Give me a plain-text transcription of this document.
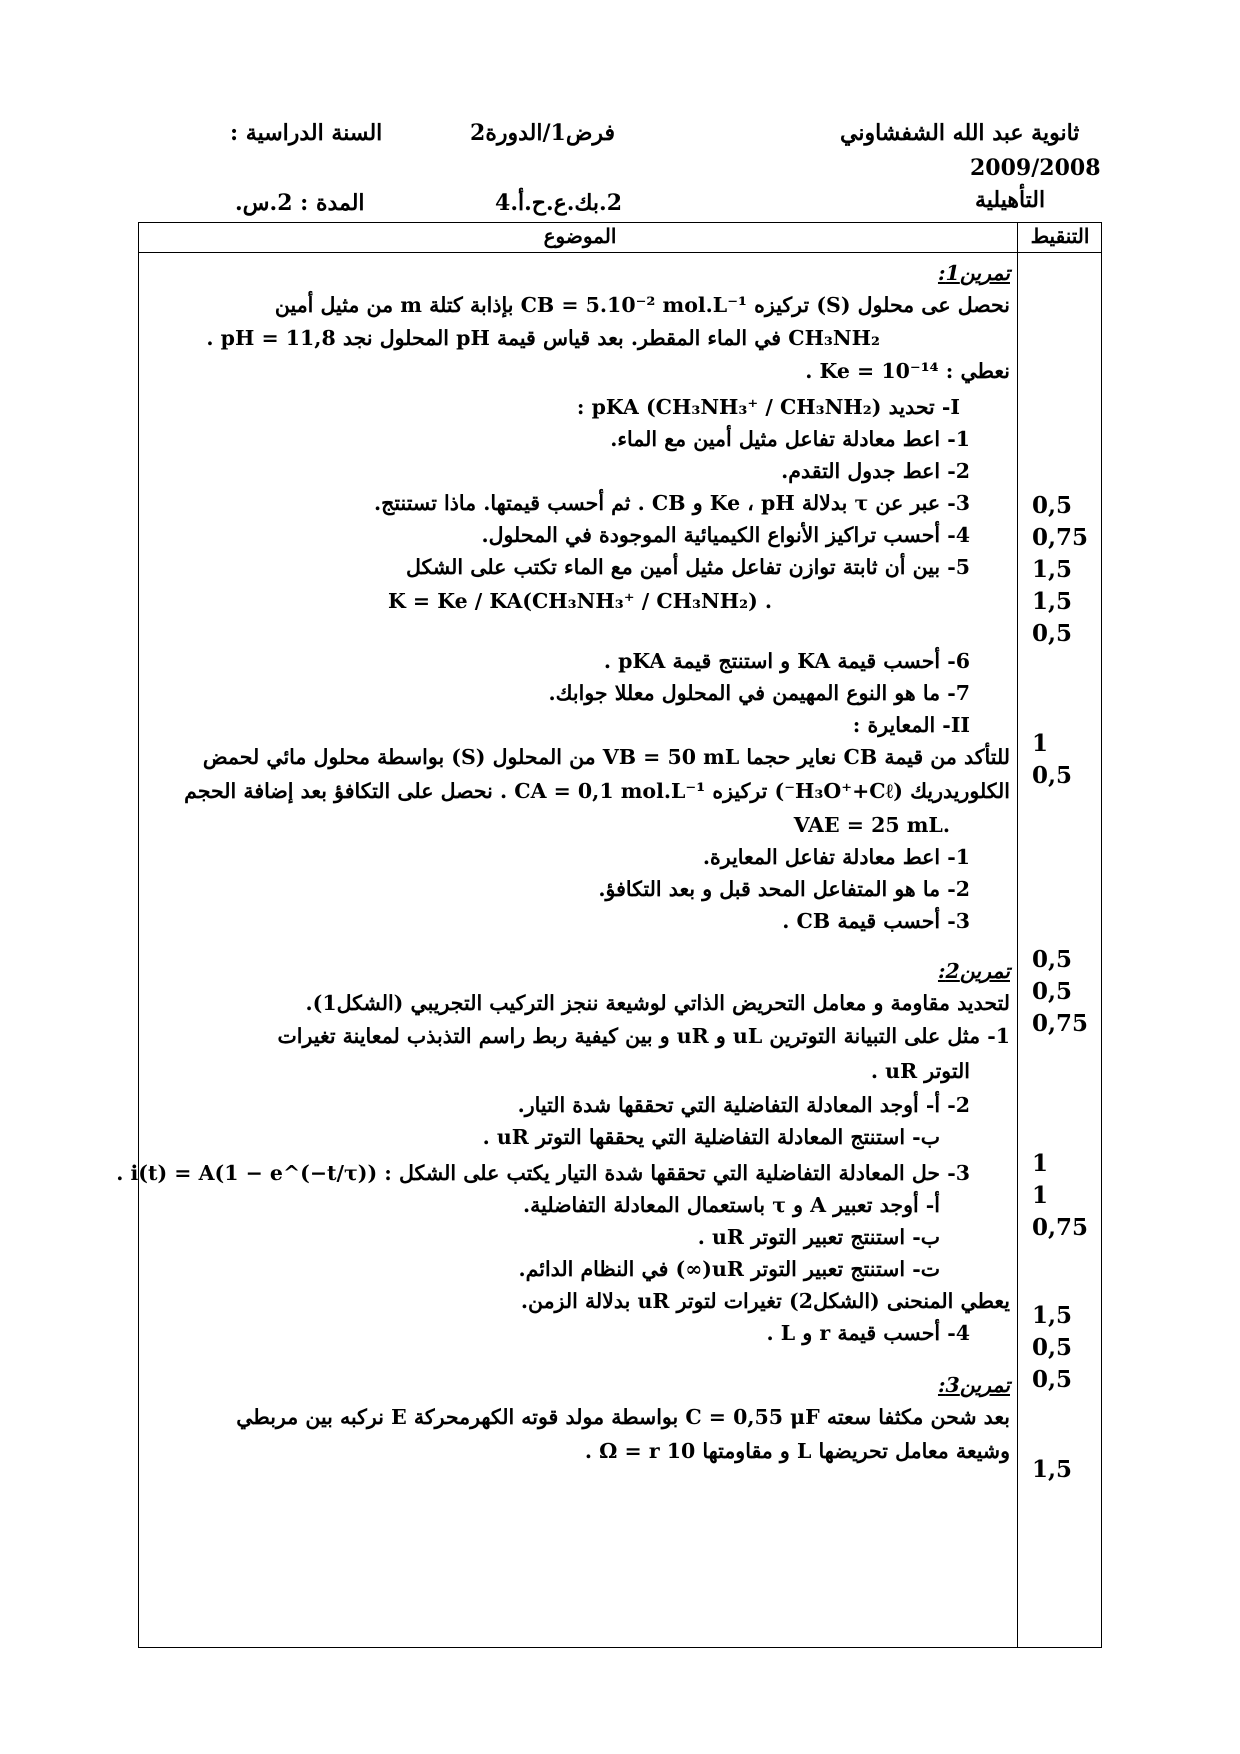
ثانوية عبد الله الشفشاوني
2009/2008
التأهيلية
فرض1/الدورة2
2.بك.ع.ح.أ.4
السنة الدراسية :
المدة : 2.س.
التنقيط
الموضوع
تمرين1:
نحصل عى محلول (S) تركيزه CB = 5.10⁻² mol.L⁻¹ بإذابة كتلة m من مثيل أمين
CH₃NH₂ في الماء المقطر. بعد قياس قيمة pH المحلول نجد pH = 11,8 .
نعطي : Ke = 10⁻¹⁴ .
I- تحديد (CH₃NH₃⁺ / CH₃NH₂) pKA :
1- اعط معادلة تفاعل مثيل أمين مع الماء.
2- اعط جدول التقدم.
3- عبر عن τ بدلالة Ke ، pH و CB . ثم أحسب قيمتها. ماذا تستنتج.
4- أحسب تراكيز الأنواع الكيميائية الموجودة في المحلول.
5- بين أن ثابتة توازن تفاعل مثيل أمين مع الماء تكتب على الشكل
. K = Ke / KA(CH₃NH₃⁺ / CH₃NH₂)
6- أحسب قيمة KA و استنتج قيمة pKA .
7- ما هو النوع المهيمن في المحلول معللا جوابك.
II- المعايرة :
للتأكد من قيمة CB نعاير حجما VB = 50 mL من المحلول (S) بواسطة محلول مائي لحمض
الكلوريدريك (H₃O⁺+Cℓ⁻) تركيزه CA = 0,1 mol.L⁻¹ . نحصل على التكافؤ بعد إضافة الحجم
.VAE = 25 mL
1- اعط معادلة تفاعل المعايرة.
2- ما هو المتفاعل المحد قبل و بعد التكافؤ.
3- أحسب قيمة CB .
تمرين2:
لتحديد مقاومة و معامل التحريض الذاتي لوشيعة ننجز التركيب التجريبي (الشكل1).
1- مثل على التبيانة التوترين uL و uR و بين كيفية ربط راسم التذبذب لمعاينة تغيرات
التوتر uR .
2- أ- أوجد المعادلة التفاضلية التي تحققها شدة التيار.
ب- استنتج المعادلة التفاضلية التي يحققها التوتر uR .
3- حل المعادلة التفاضلية التي تحققها شدة التيار يكتب على الشكل : i(t) = A(1 − e^(−t/τ)) .
أ- أوجد تعبير A و τ باستعمال المعادلة التفاضلية.
ب- استنتج تعبير التوتر uR .
ت- استنتج تعبير التوتر uR(∞) في النظام الدائم.
يعطي المنحنى (الشكل2) تغيرات لتوتر uR بدلالة الزمن.
4- أحسب قيمة r و L .
تمرين3:
بعد شحن مكثفا سعته C = 0,55 μF بواسطة مولد قوته الكهرمحركة E نركبه بين مربطي
وشيعة معامل تحريضها L و مقاومتها 10 Ω = r .
0,5
0,75
1,5
1,5
0,5
1
0,5
0,5
0,5
0,75
1
1
0,75
1,5
0,5
0,5
1,5
